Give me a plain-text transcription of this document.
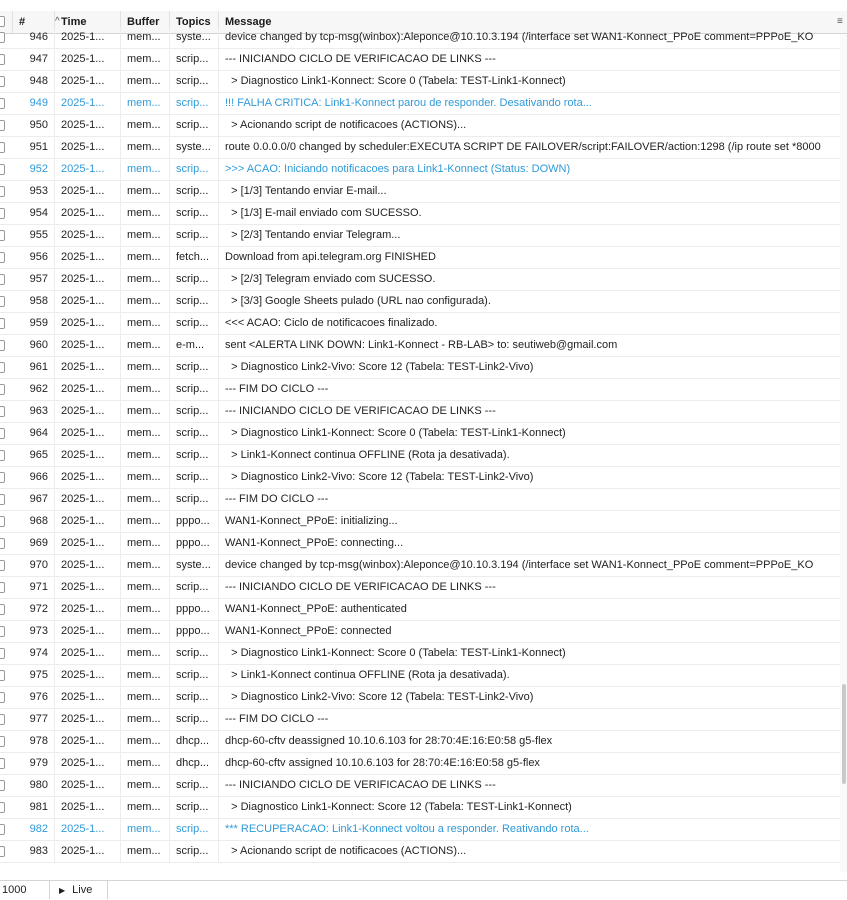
#	^ Time	Buffer	Topics	Message	≡
946	2025-1...	mem...	syste...	device changed by tcp-msg(winbox):Aleponce@10.10.3.194 (/interface set WAN1-Konnect_PPoE comment=PPPoE_KO
947	2025-1...	mem...	scrip...	--- INICIANDO CICLO DE VERIFICACAO DE LINKS ---
948	2025-1...	mem...	scrip...	> Diagnostico Link1-Konnect: Score 0 (Tabela: TEST-Link1-Konnect)
949	2025-1...	mem...	scrip...	!!! FALHA CRITICA: Link1-Konnect parou de responder. Desativando rota...
950	2025-1...	mem...	scrip...	> Acionando script de notificacoes (ACTIONS)...
951	2025-1...	mem...	syste...	route 0.0.0.0/0 changed by scheduler:EXECUTA SCRIPT DE FAILOVER/script:FAILOVER/action:1298 (/ip route set *8000
952	2025-1...	mem...	scrip...	>>> ACAO: Iniciando notificacoes para Link1-Konnect (Status: DOWN)
953	2025-1...	mem...	scrip...	> [1/3] Tentando enviar E-mail...
954	2025-1...	mem...	scrip...	> [1/3] E-mail enviado com SUCESSO.
955	2025-1...	mem...	scrip...	> [2/3] Tentando enviar Telegram...
956	2025-1...	mem...	fetch...	Download from api.telegram.org FINISHED
957	2025-1...	mem...	scrip...	> [2/3] Telegram enviado com SUCESSO.
958	2025-1...	mem...	scrip...	> [3/3] Google Sheets pulado (URL nao configurada).
959	2025-1...	mem...	scrip...	<<< ACAO: Ciclo de notificacoes finalizado.
960	2025-1...	mem...	e-m...	sent <ALERTA LINK DOWN: Link1-Konnect - RB-LAB> to: seutiweb@gmail.com
961	2025-1...	mem...	scrip...	> Diagnostico Link2-Vivo: Score 12 (Tabela: TEST-Link2-Vivo)
962	2025-1...	mem...	scrip...	--- FIM DO CICLO ---
963	2025-1...	mem...	scrip...	--- INICIANDO CICLO DE VERIFICACAO DE LINKS ---
964	2025-1...	mem...	scrip...	> Diagnostico Link1-Konnect: Score 0 (Tabela: TEST-Link1-Konnect)
965	2025-1...	mem...	scrip...	> Link1-Konnect continua OFFLINE (Rota ja desativada).
966	2025-1...	mem...	scrip...	> Diagnostico Link2-Vivo: Score 12 (Tabela: TEST-Link2-Vivo)
967	2025-1...	mem...	scrip...	--- FIM DO CICLO ---
968	2025-1...	mem...	pppo...	WAN1-Konnect_PPoE: initializing...
969	2025-1...	mem...	pppo...	WAN1-Konnect_PPoE: connecting...
970	2025-1...	mem...	syste...	device changed by tcp-msg(winbox):Aleponce@10.10.3.194 (/interface set WAN1-Konnect_PPoE comment=PPPoE_KO
971	2025-1...	mem...	scrip...	--- INICIANDO CICLO DE VERIFICACAO DE LINKS ---
972	2025-1...	mem...	pppo...	WAN1-Konnect_PPoE: authenticated
973	2025-1...	mem...	pppo...	WAN1-Konnect_PPoE: connected
974	2025-1...	mem...	scrip...	> Diagnostico Link1-Konnect: Score 0 (Tabela: TEST-Link1-Konnect)
975	2025-1...	mem...	scrip...	> Link1-Konnect continua OFFLINE (Rota ja desativada).
976	2025-1...	mem...	scrip...	> Diagnostico Link2-Vivo: Score 12 (Tabela: TEST-Link2-Vivo)
977	2025-1...	mem...	scrip...	--- FIM DO CICLO ---
978	2025-1...	mem...	dhcp...	dhcp-60-cftv deassigned 10.10.6.103 for 28:70:4E:16:E0:58 g5-flex
979	2025-1...	mem...	dhcp...	dhcp-60-cftv assigned 10.10.6.103 for 28:70:4E:16:E0:58 g5-flex
980	2025-1...	mem...	scrip...	--- INICIANDO CICLO DE VERIFICACAO DE LINKS ---
981	2025-1...	mem...	scrip...	> Diagnostico Link1-Konnect: Score 12 (Tabela: TEST-Link1-Konnect)
982	2025-1...	mem...	scrip...	*** RECUPERACAO: Link1-Konnect voltou a responder. Reativando rota...
983	2025-1...	mem...	scrip...	> Acionando script de notificacoes (ACTIONS)...
1000	▶ Live
